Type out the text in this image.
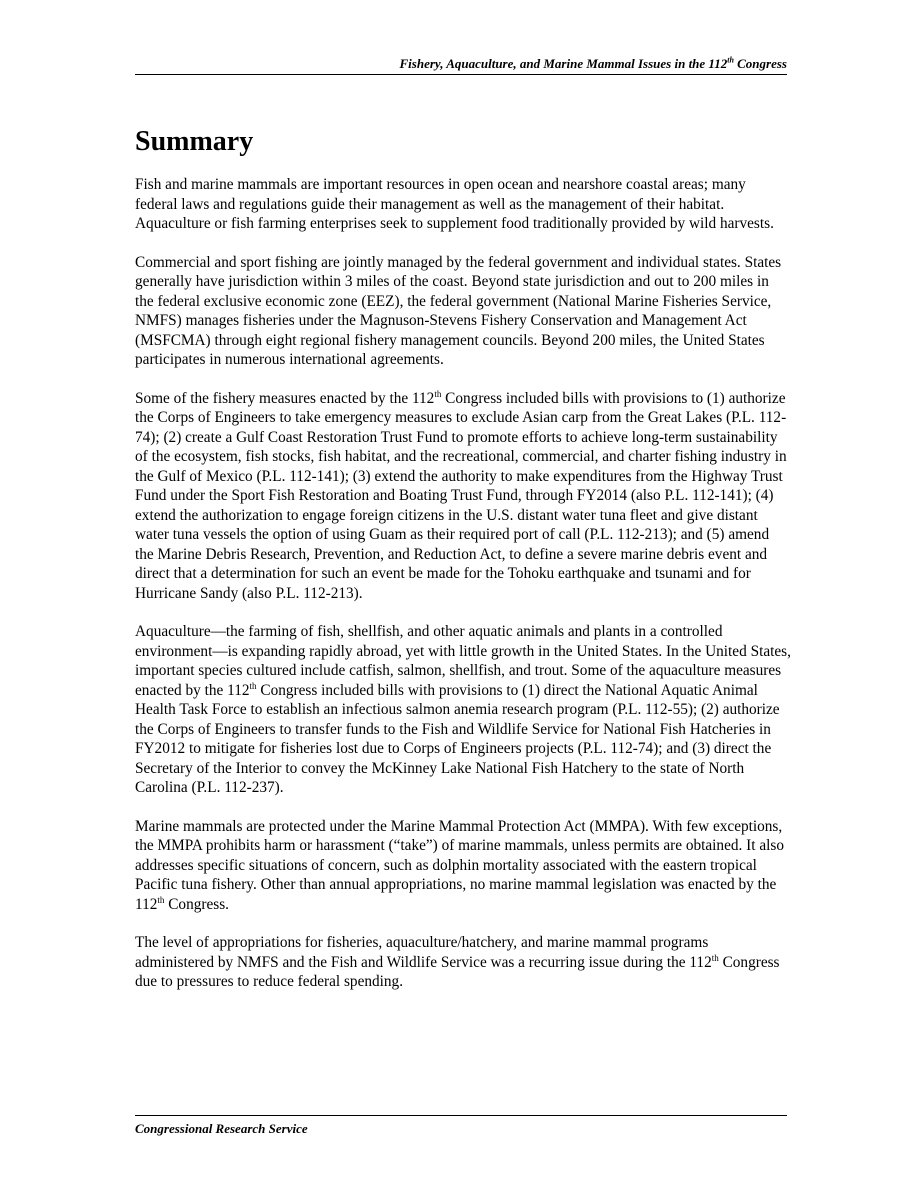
Fishery, Aquaculture, and Marine Mammal Issues in the 112th Congress
Summary

Fish and marine mammals are important resources in open ocean and nearshore coastal areas; many federal laws and regulations guide their management as well as the management of their habitat. Aquaculture or fish farming enterprises seek to supplement food traditionally provided by wild harvests.

Commercial and sport fishing are jointly managed by the federal government and individual states. States generally have jurisdiction within 3 miles of the coast. Beyond state jurisdiction and out to 200 miles in the federal exclusive economic zone (EEZ), the federal government (National Marine Fisheries Service, NMFS) manages fisheries under the Magnuson-Stevens Fishery Conservation and Management Act (MSFCMA) through eight regional fishery management councils. Beyond 200 miles, the United States participates in numerous international agreements.

Some of the fishery measures enacted by the 112th Congress included bills with provisions to (1) authorize the Corps of Engineers to take emergency measures to exclude Asian carp from the Great Lakes (P.L. 112-74); (2) create a Gulf Coast Restoration Trust Fund to promote efforts to achieve long-term sustainability of the ecosystem, fish stocks, fish habitat, and the recreational, commercial, and charter fishing industry in the Gulf of Mexico (P.L. 112-141); (3) extend the authority to make expenditures from the Highway Trust Fund under the Sport Fish Restoration and Boating Trust Fund, through FY2014 (also P.L. 112-141); (4) extend the authorization to engage foreign citizens in the U.S. distant water tuna fleet and give distant water tuna vessels the option of using Guam as their required port of call (P.L. 112-213); and (5) amend the Marine Debris Research, Prevention, and Reduction Act, to define a severe marine debris event and direct that a determination for such an event be made for the Tohoku earthquake and tsunami and for Hurricane Sandy (also P.L. 112-213).

Aquaculture—the farming of fish, shellfish, and other aquatic animals and plants in a controlled environment—is expanding rapidly abroad, yet with little growth in the United States. In the United States, important species cultured include catfish, salmon, shellfish, and trout. Some of the aquaculture measures enacted by the 112th Congress included bills with provisions to (1) direct the National Aquatic Animal Health Task Force to establish an infectious salmon anemia research program (P.L. 112-55); (2) authorize the Corps of Engineers to transfer funds to the Fish and Wildlife Service for National Fish Hatcheries in FY2012 to mitigate for fisheries lost due to Corps of Engineers projects (P.L. 112-74); and (3) direct the Secretary of the Interior to convey the McKinney Lake National Fish Hatchery to the state of North Carolina (P.L. 112-237).

Marine mammals are protected under the Marine Mammal Protection Act (MMPA). With few exceptions, the MMPA prohibits harm or harassment (“take”) of marine mammals, unless permits are obtained. It also addresses specific situations of concern, such as dolphin mortality associated with the eastern tropical Pacific tuna fishery. Other than annual appropriations, no marine mammal legislation was enacted by the 112th Congress.

The level of appropriations for fisheries, aquaculture/hatchery, and marine mammal programs administered by NMFS and the Fish and Wildlife Service was a recurring issue during the 112th Congress due to pressures to reduce federal spending.

Congressional Research Service
